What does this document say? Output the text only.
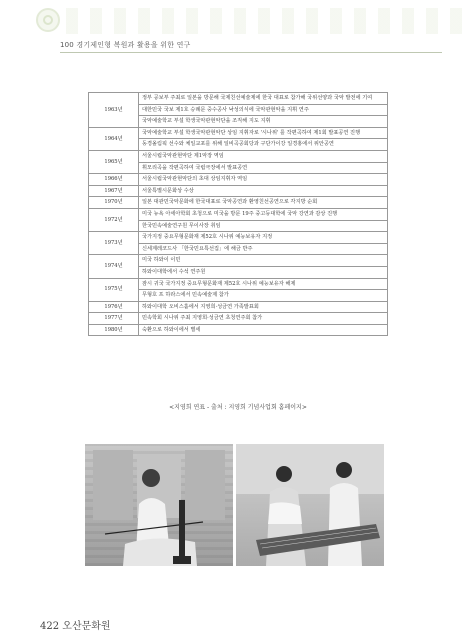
100 경기제인형 복원과 활용을 위한 연구
1963년	정부 공보부 주최로 일본을 방문해 국제친선예술제에 한국 대표로 참가해 국위선양과 국악 발전에 기여
	대한민국 국보 제1호 승례문 중수공사 낙성의식에 국악관현악을 지휘 연주
	국악예술학교 부설 학생국악관현악단을 조직해 지도 지휘
1964년	국악예술학교 부설 학생국악관현악단 상임 지휘자로 '시나위' 를 작편곡하여 제1회 발표공연 진행
	동경올림픽 선수와 체일교포를 위해 일비곡공회당과 구단가이강 일경홍에서 위안공연
1965년	서울시립국악관현악단 제1악장 역임
	휘모리곡을 작편곡하여 국립극장에서 발표공연
1966년	서울시립국악관현악단의 초대 상임지휘자 역임
1967년	서울특별시문화상 수상
1970년	일본 대관민국악문화에 한국대표로 국악공연과 환영친선공연으로 각지방 순회
1972년	미국 뉴욕 아세아학회 초청으로 미국을 방문 19주 중고등대학에 국악 강연과 감상 진행
	한국민속예술연구원 무이사장 취임
1973년	국가지정 중요무형문화재 제52호 시나위 예능보유자 지정
	신세계레코드사 「한국민요특선집」에 해금 반주
1974년	미국 하와이 이민
	하와이대학에서 수석 연주원
1975년	잠시 귀국 국가지정 중요무형문화재 제52호 시나위 예능보유자 해제
	무형호 프 하라스에서 민속예술제 참가
1976년	하와이대학 오비스홀에서 지영희·성금연 가족발표회
1977년	민속학회 시나위 주최 지영희·성금연 초청연주회 참가
1980년	숙환으로 하와이에서 별세
<지영희 연표 - 출처 : 지영희 기념사업회 홈페이지>
422 오산문화원
